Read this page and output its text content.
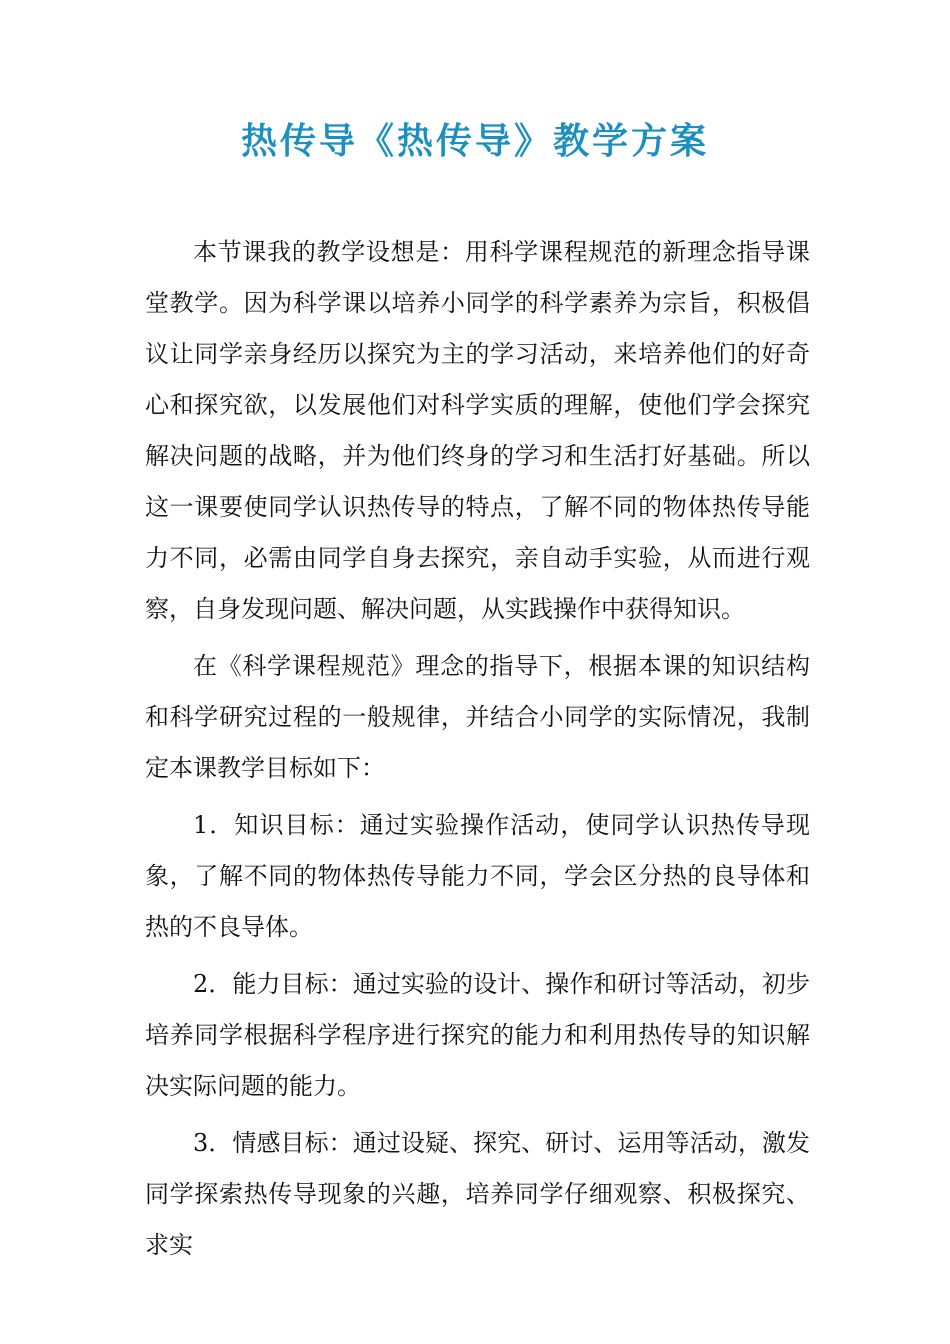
热传导《热传导》教学方案

本节课我的教学设想是：用科学课程规范的新理念指导课堂教学。因为科学课以培养小同学的科学素养为宗旨，积极倡议让同学亲身经历以探究为主的学习活动，来培养他们的好奇心和探究欲，以发展他们对科学实质的理解，使他们学会探究解决问题的战略，并为他们终身的学习和生活打好基础。所以这一课要使同学认识热传导的特点，了解不同的物体热传导能力不同，必需由同学自身去探究，亲自动手实验，从而进行观察，自身发现问题、解决问题，从实践操作中获得知识。

在《科学课程规范》理念的指导下，根据本课的知识结构和科学研究过程的一般规律，并结合小同学的实际情况，我制定本课教学目标如下：

1．知识目标：通过实验操作活动，使同学认识热传导现象，了解不同的物体热传导能力不同，学会区分热的良导体和热的不良导体。

2．能力目标：通过实验的设计、操作和研讨等活动，初步培养同学根据科学程序进行探究的能力和利用热传导的知识解决实际问题的能力。

3．情感目标：通过设疑、探究、研讨、运用等活动，激发同学探索热传导现象的兴趣，培养同学仔细观察、积极探究、求实
